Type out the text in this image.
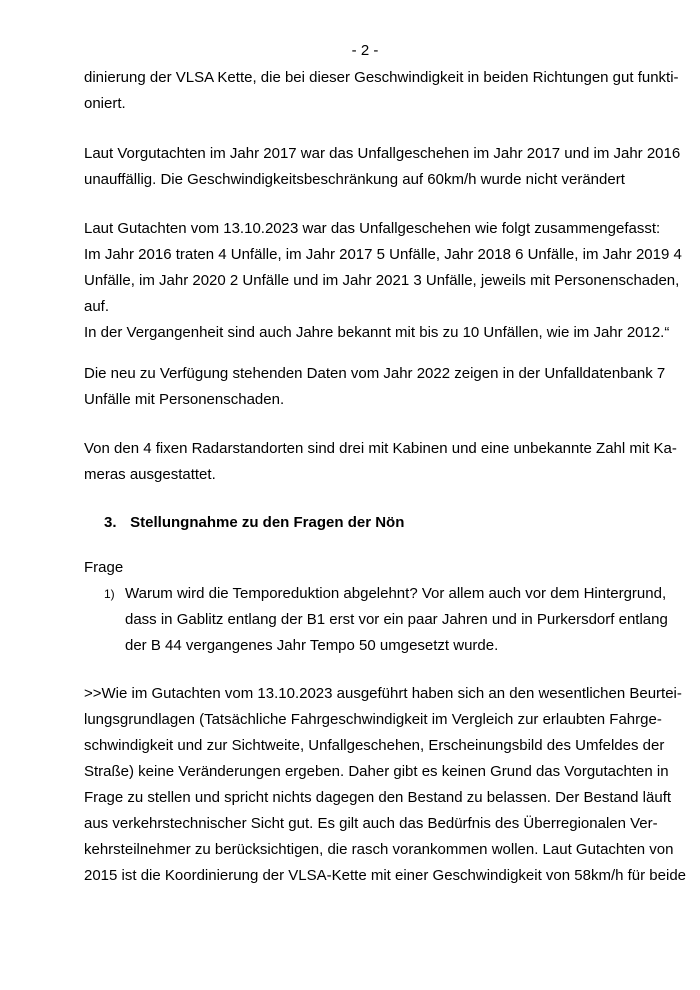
- 2 -

dinierung der VLSA Kette, die bei dieser Geschwindigkeit in beiden Richtungen gut funkti-
oniert.

Laut Vorgutachten im Jahr 2017 war das Unfallgeschehen im Jahr 2017 und im Jahr 2016
unauffällig. Die Geschwindigkeitsbeschränkung auf 60km/h wurde nicht verändert

Laut Gutachten vom 13.10.2023 war das Unfallgeschehen wie folgt zusammengefasst:
Im Jahr 2016 traten 4 Unfälle, im Jahr 2017 5 Unfälle, Jahr 2018 6 Unfälle, im Jahr 2019 4
Unfälle, im Jahr 2020 2 Unfälle und im Jahr 2021 3 Unfälle, jeweils mit Personenschaden,
auf.
In der Vergangenheit sind auch Jahre bekannt mit bis zu 10 Unfällen, wie im Jahr 2012.“

Die neu zu Verfügung stehenden Daten vom Jahr 2022 zeigen in der Unfalldatenbank 7
Unfälle mit Personenschaden.

Von den 4 fixen Radarstandorten sind drei mit Kabinen und eine unbekannte Zahl mit Ka-
meras ausgestattet.

3. Stellungnahme zu den Fragen der Nön

Frage

1) Warum wird die Temporeduktion abgelehnt? Vor allem auch vor dem Hintergrund,
dass in Gablitz entlang der B1 erst vor ein paar Jahren und in Purkersdorf entlang
der B 44 vergangenes Jahr Tempo 50 umgesetzt wurde.

>>Wie im Gutachten vom 13.10.2023 ausgeführt haben sich an den wesentlichen Beurtei-
lungsgrundlagen (Tatsächliche Fahrgeschwindigkeit im Vergleich zur erlaubten Fahrge-
schwindigkeit und zur Sichtweite, Unfallgeschehen, Erscheinungsbild des Umfeldes der
Straße) keine Veränderungen ergeben. Daher gibt es keinen Grund das Vorgutachten in
Frage zu stellen und spricht nichts dagegen den Bestand zu belassen. Der Bestand läuft
aus verkehrstechnischer Sicht gut. Es gilt auch das Bedürfnis des Überregionalen Ver-
kehrsteilnehmer zu berücksichtigen, die rasch vorankommen wollen. Laut Gutachten von
2015 ist die Koordinierung der VLSA-Kette mit einer Geschwindigkeit von 58km/h für beide
